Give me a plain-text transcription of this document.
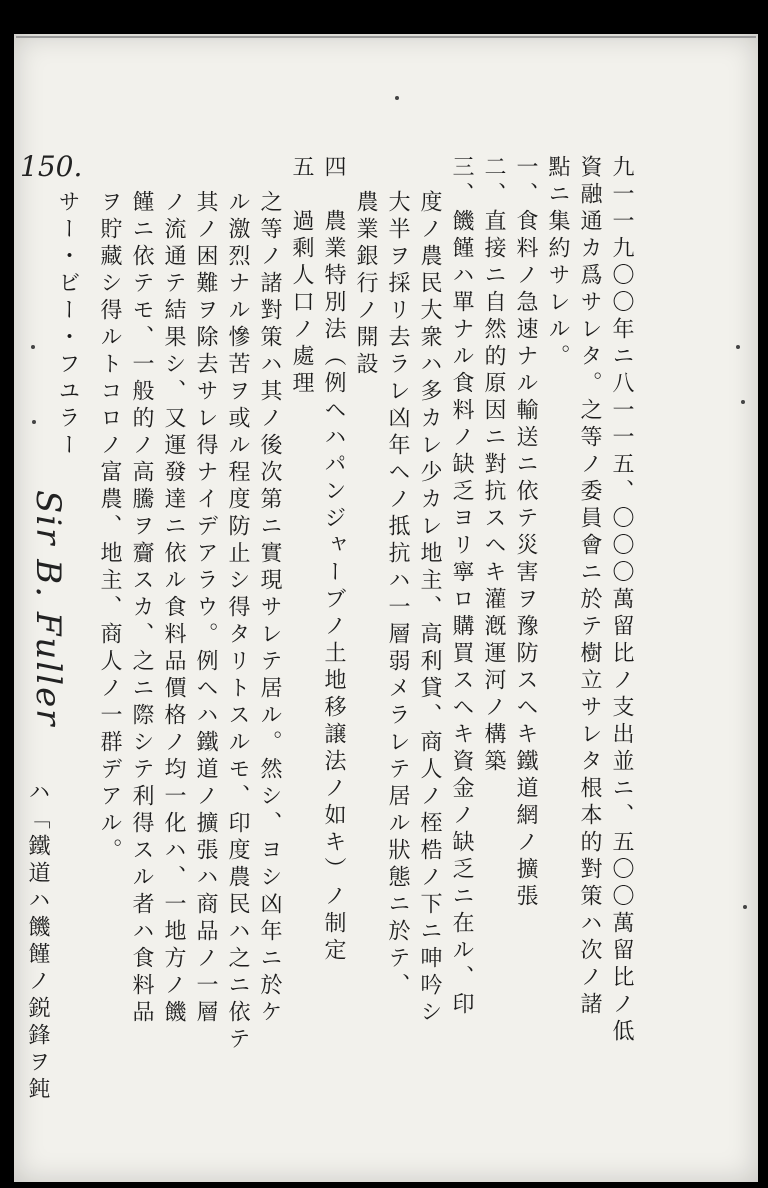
九一一九〇〇年ニ八一一五、〇〇〇萬留比ノ支出並ニ、五〇〇萬留比ノ低
資融通カ爲サレタ。之等ノ委員會ニ於テ樹立サレタ根本的對策ハ次ノ諸
點ニ集約サレル。
一、食料ノ急速ナル輸送ニ依テ災害ヲ豫防スヘキ鐵道網ノ擴張
二、直接ニ自然的原因ニ對抗スヘキ灌漑運河ノ構築
三、饑饉ハ單ナル食料ノ缺乏ヨリ寧ロ購買スヘキ資金ノ缺乏ニ在ル、印
度ノ農民大衆ハ多カレ少カレ地主、高利貸、商人ノ桎梏ノ下ニ呻吟シ
大半ヲ採リ去ラレ凶年ヘノ抵抗ハ一層弱メラレテ居ル狀態ニ於テ、
農業銀行ノ開設
四　農業特別法（例ヘハパンジャーブノ土地移譲法ノ如キ）ノ制定
五　過剩人口ノ處理
之等ノ諸對策ハ其ノ後次第ニ實現サレテ居ル。然シ、ヨシ凶年ニ於ケ
ル激烈ナル慘苦ヲ或ル程度防止シ得タリトスルモ、印度農民ハ之ニ依テ
其ノ困難ヲ除去サレ得ナイデアラウ。例ヘハ鐵道ノ擴張ハ商品ノ一層
ノ流通テ結果シ、又運發達ニ依ル食料品價格ノ均一化ハ、一地方ノ饑
饉ニ依テモ、一般的ノ高騰ヲ齎スカ、之ニ際シテ利得スル者ハ食料品
ヲ貯藏シ得ルトコロノ富農、地主、商人ノ一群デアル。
サー・ビー・フユラー
ハ「鐵道ハ饑饉ノ鋭鋒ヲ鈍
150.
Sir B. Fuller
